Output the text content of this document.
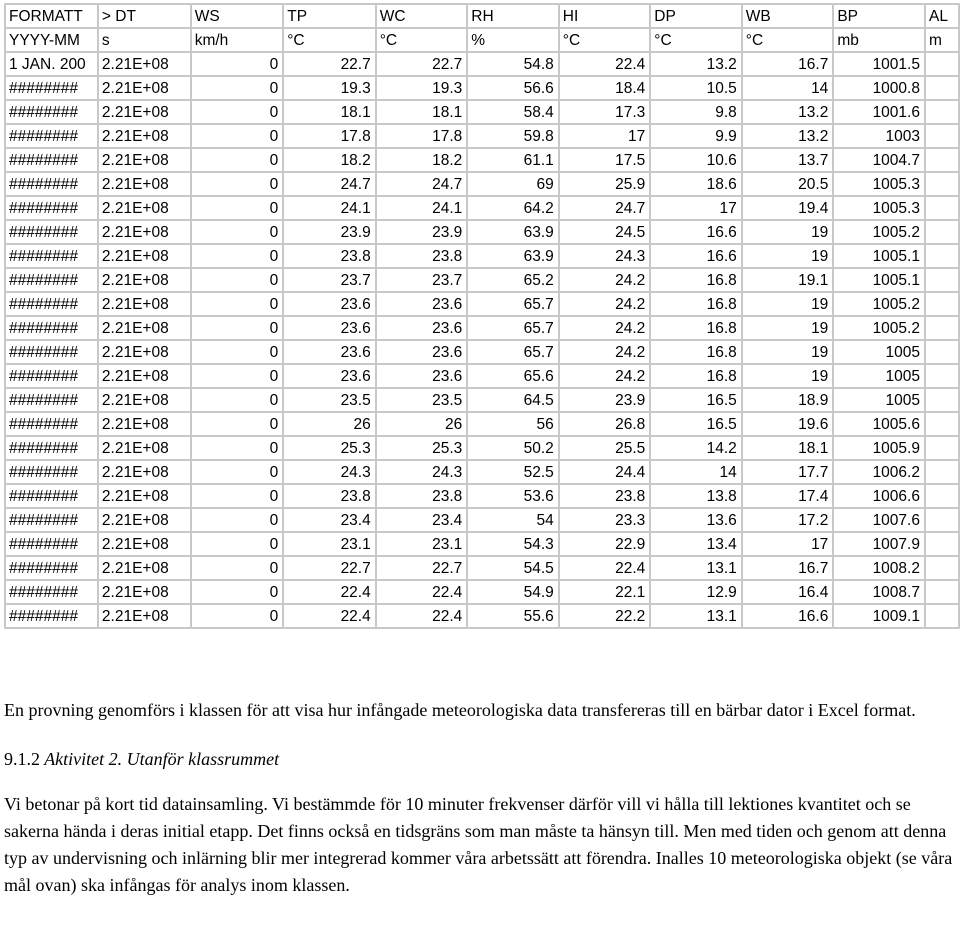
FORMATT	> DT	WS	TP	WC	RH	HI	DP	WB	BP	AL
YYYY-MM	s	km/h	°C	°C	%	°C	°C	°C	mb	m
1 JAN. 200	2.21E+08	0	22.7	22.7	54.8	22.4	13.2	16.7	1001.5	
########	2.21E+08	0	19.3	19.3	56.6	18.4	10.5	14	1000.8	
########	2.21E+08	0	18.1	18.1	58.4	17.3	9.8	13.2	1001.6	
########	2.21E+08	0	17.8	17.8	59.8	17	9.9	13.2	1003	
########	2.21E+08	0	18.2	18.2	61.1	17.5	10.6	13.7	1004.7	
########	2.21E+08	0	24.7	24.7	69	25.9	18.6	20.5	1005.3	
########	2.21E+08	0	24.1	24.1	64.2	24.7	17	19.4	1005.3	
########	2.21E+08	0	23.9	23.9	63.9	24.5	16.6	19	1005.2	
########	2.21E+08	0	23.8	23.8	63.9	24.3	16.6	19	1005.1	
########	2.21E+08	0	23.7	23.7	65.2	24.2	16.8	19.1	1005.1	
########	2.21E+08	0	23.6	23.6	65.7	24.2	16.8	19	1005.2	
########	2.21E+08	0	23.6	23.6	65.7	24.2	16.8	19	1005.2	
########	2.21E+08	0	23.6	23.6	65.7	24.2	16.8	19	1005	
########	2.21E+08	0	23.6	23.6	65.6	24.2	16.8	19	1005	
########	2.21E+08	0	23.5	23.5	64.5	23.9	16.5	18.9	1005	
########	2.21E+08	0	26	26	56	26.8	16.5	19.6	1005.6	
########	2.21E+08	0	25.3	25.3	50.2	25.5	14.2	18.1	1005.9	
########	2.21E+08	0	24.3	24.3	52.5	24.4	14	17.7	1006.2	
########	2.21E+08	0	23.8	23.8	53.6	23.8	13.8	17.4	1006.6	
########	2.21E+08	0	23.4	23.4	54	23.3	13.6	17.2	1007.6	
########	2.21E+08	0	23.1	23.1	54.3	22.9	13.4	17	1007.9	
########	2.21E+08	0	22.7	22.7	54.5	22.4	13.1	16.7	1008.2	
########	2.21E+08	0	22.4	22.4	54.9	22.1	12.9	16.4	1008.7	
########	2.21E+08	0	22.4	22.4	55.6	22.2	13.1	16.6	1009.1	

En provning genomförs i klassen för att visa hur infångade meteorologiska data transfereras till en bärbar dator i Excel format.

9.1.2 Aktivitet 2. Utanför klassrummet

Vi betonar på kort tid datainsamling. Vi bestämmde för 10 minuter frekvenser därför vill vi hålla till lektiones kvantitet och se sakerna hända i deras initial etapp. Det finns också en tidsgräns som man måste ta hänsyn till. Men med tiden och genom att denna typ av undervisning och inlärning blir mer integrerad kommer våra arbetssätt att förendra. Inalles 10 meteorologiska objekt (se våra mål ovan) ska infångas för analys inom klassen.
